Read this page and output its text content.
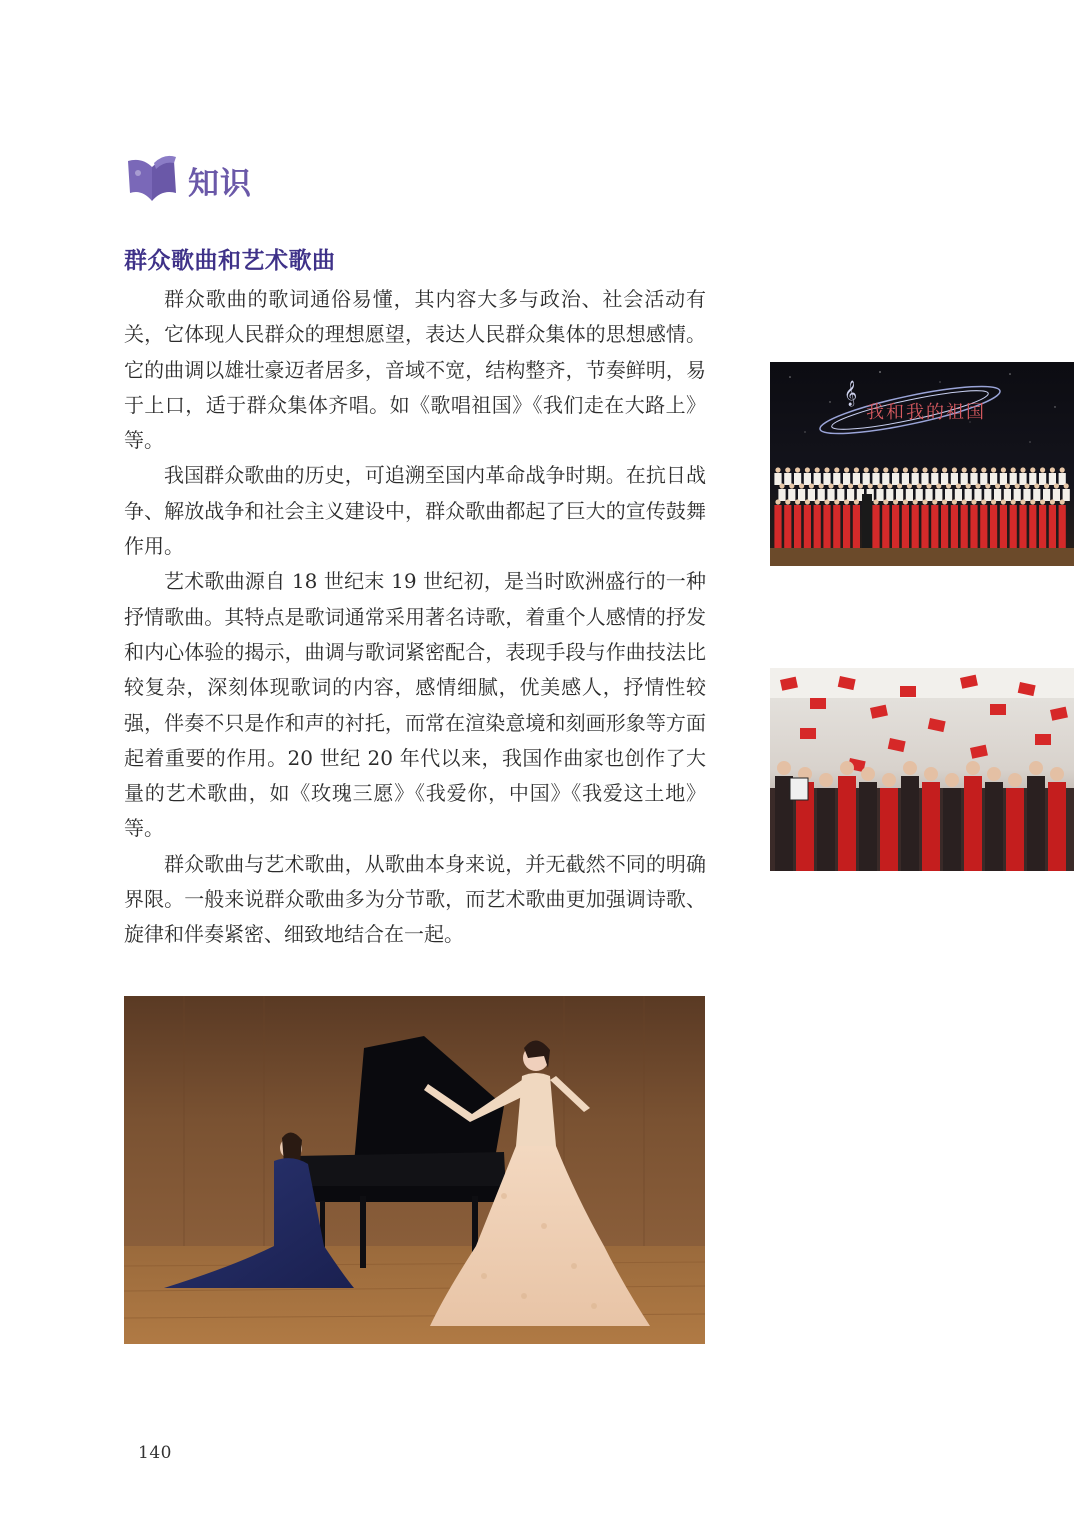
知识
群众歌曲和艺术歌曲

群众歌曲的歌词通俗易懂，其内容大多与政治、社会活动有关，它体现人民群众的理想愿望，表达人民群众集体的思想感情。它的曲调以雄壮豪迈者居多，音域不宽，结构整齐，节奏鲜明，易于上口，适于群众集体齐唱。如《歌唱祖国》《我们走在大路上》等。

我国群众歌曲的历史，可追溯至国内革命战争时期。在抗日战争、解放战争和社会主义建设中，群众歌曲都起了巨大的宣传鼓舞作用。

艺术歌曲源自 18 世纪末 19 世纪初，是当时欧洲盛行的一种抒情歌曲。其特点是歌词通常采用著名诗歌，着重个人感情的抒发和内心体验的揭示，曲调与歌词紧密配合，表现手段与作曲技法比较复杂，深刻体现歌词的内容，感情细腻，优美感人，抒情性较强，伴奏不只是作和声的衬托，而常在渲染意境和刻画形象等方面起着重要的作用。20 世纪 20 年代以来，我国作曲家也创作了大量的艺术歌曲，如《玫瑰三愿》《我爱你，中国》《我爱这土地》等。

群众歌曲与艺术歌曲，从歌曲本身来说，并无截然不同的明确界限。一般来说群众歌曲多为分节歌，而艺术歌曲更加强调诗歌、旋律和伴奏紧密、细致地结合在一起。

𝄞
我和我的祖国
140
